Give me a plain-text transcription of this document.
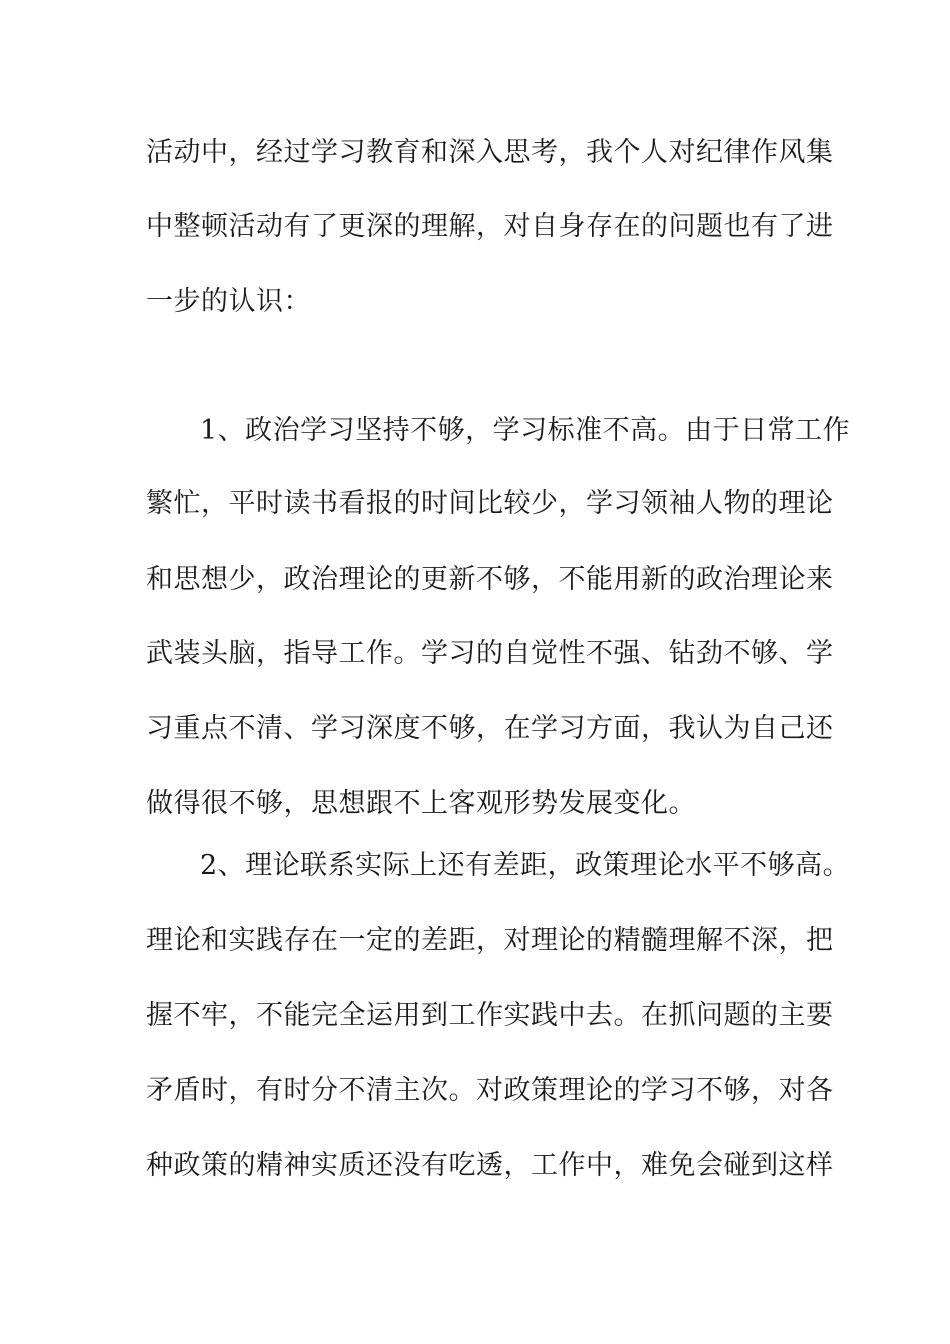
活动中，经过学习教育和深入思考，我个人对纪律作风集
中整顿活动有了更深的理解，对自身存在的问题也有了进
一步的认识：
1、政治学习坚持不够，学习标准不高。由于日常工作
繁忙，平时读书看报的时间比较少，学习领袖人物的理论
和思想少，政治理论的更新不够，不能用新的政治理论来
武装头脑，指导工作。学习的自觉性不强、钻劲不够、学
习重点不清、学习深度不够，在学习方面，我认为自己还
做得很不够，思想跟不上客观形势发展变化。
2、理论联系实际上还有差距，政策理论水平不够高。
理论和实践存在一定的差距，对理论的精髓理解不深，把
握不牢，不能完全运用到工作实践中去。在抓问题的主要
矛盾时，有时分不清主次。对政策理论的学习不够，对各
种政策的精神实质还没有吃透，工作中，难免会碰到这样
